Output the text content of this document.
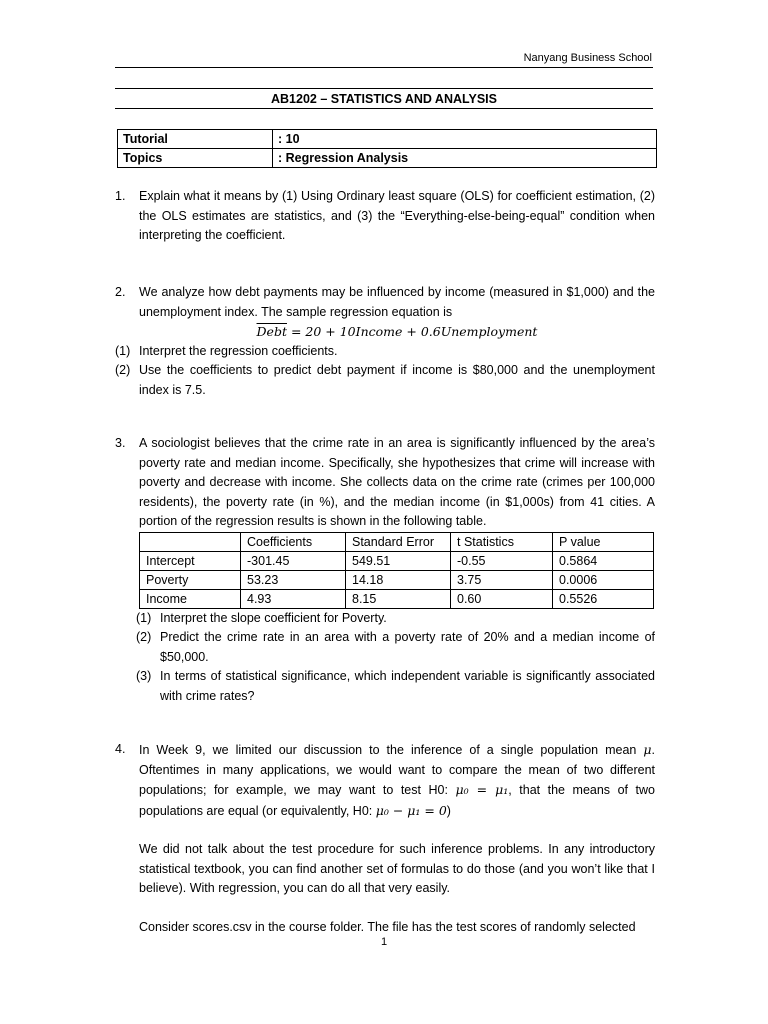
Nanyang Business School
AB1202 – STATISTICS AND ANALYSIS
Tutorial	: 10
Topics	: Regression Analysis
1.	Explain what it means by (1) Using Ordinary least square (OLS) for coefficient estimation, (2) the OLS estimates are statistics, and (3) the “Everything-else-being-equal” condition when interpreting the coefficient.
2.	We analyze how debt payments may be influenced by income (measured in $1,000) and the unemployment index. The sample regression equation is
Debt = 20 + 10Income + 0.6Unemployment
(1) Interpret the regression coefficients.
(2) Use the coefficients to predict debt payment if income is $80,000 and the unemployment index is 7.5.
3.	A sociologist believes that the crime rate in an area is significantly influenced by the area’s poverty rate and median income. Specifically, she hypothesizes that crime will increase with poverty and decrease with income. She collects data on the crime rate (crimes per 100,000 residents), the poverty rate (in %), and the median income (in $1,000s) from 41 cities. A portion of the regression results is shown in the following table.
	Coefficients	Standard Error	t Statistics	P value
Intercept	-301.45	549.51	-0.55	0.5864
Poverty	53.23	14.18	3.75	0.0006
Income	4.93	8.15	0.60	0.5526
(1) Interpret the slope coefficient for Poverty.
(2) Predict the crime rate in an area with a poverty rate of 20% and a median income of $50,000.
(3) In terms of statistical significance, which independent variable is significantly associated with crime rates?
4.	In Week 9, we limited our discussion to the inference of a single population mean μ. Oftentimes in many applications, we would want to compare the mean of two different populations; for example, we may want to test H0: μ₀ = μ₁, that the means of two populations are equal (or equivalently, H0: μ₀ − μ₁ = 0)
We did not talk about the test procedure for such inference problems. In any introductory statistical textbook, you can find another set of formulas to do those (and you won’t like that I believe). With regression, you can do all that very easily.
Consider scores.csv in the course folder. The file has the test scores of randomly selected
1
